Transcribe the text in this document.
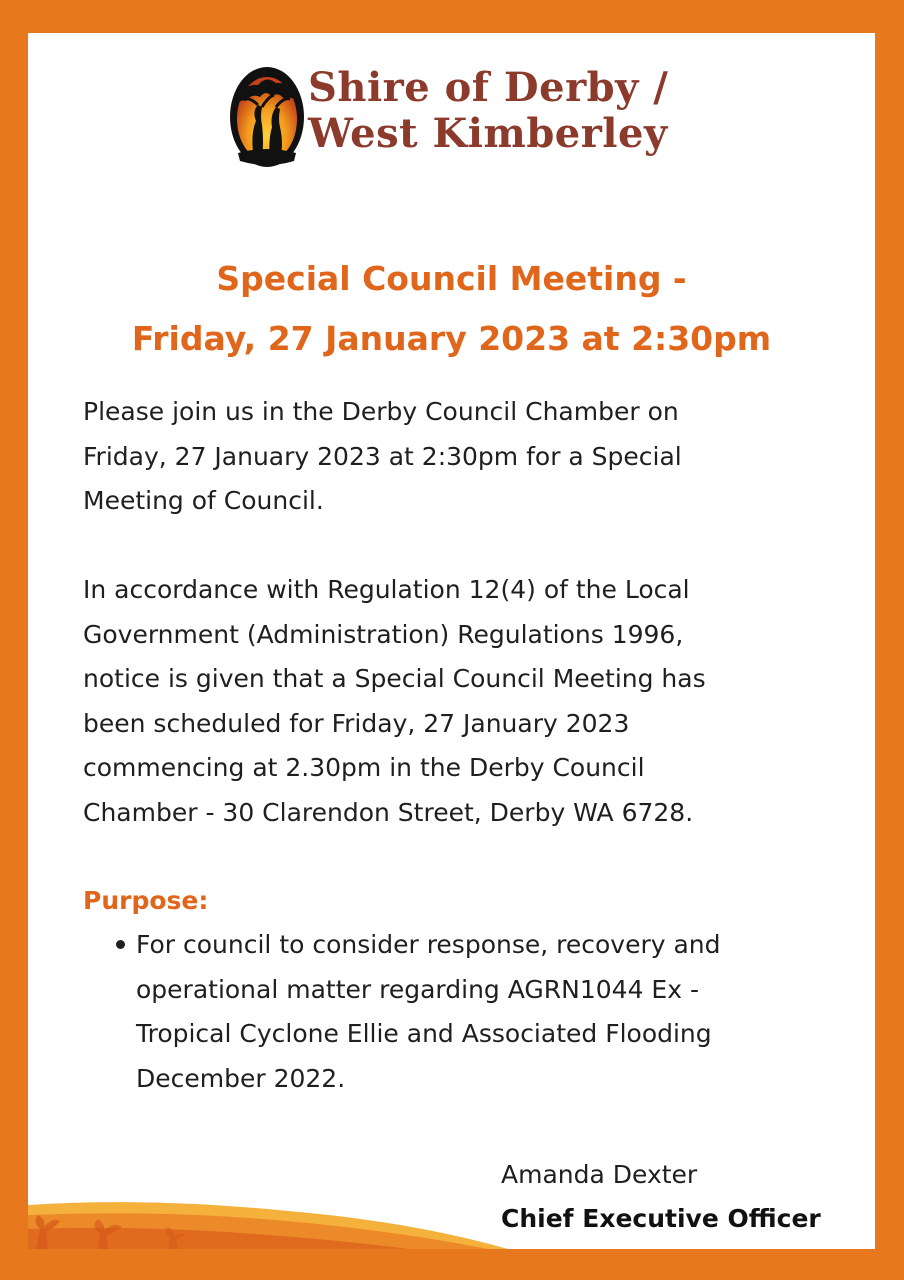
Shire of Derby /
West Kimberley
Special Council Meeting -
Friday, 27 January 2023 at 2:30pm
Please join us in the Derby Council Chamber on
Friday, 27 January 2023 at 2:30pm for a Special
Meeting of Council.
In accordance with Regulation 12(4) of the Local
Government (Administration) Regulations 1996,
notice is given that a Special Council Meeting has
been scheduled for Friday, 27 January 2023
commencing at 2.30pm in the Derby Council
Chamber - 30 Clarendon Street, Derby WA 6728.
Purpose:
For council to consider response, recovery and
operational matter regarding AGRN1044 Ex -
Tropical Cyclone Ellie and Associated Flooding
December 2022.
Amanda Dexter
Chief Executive Officer
